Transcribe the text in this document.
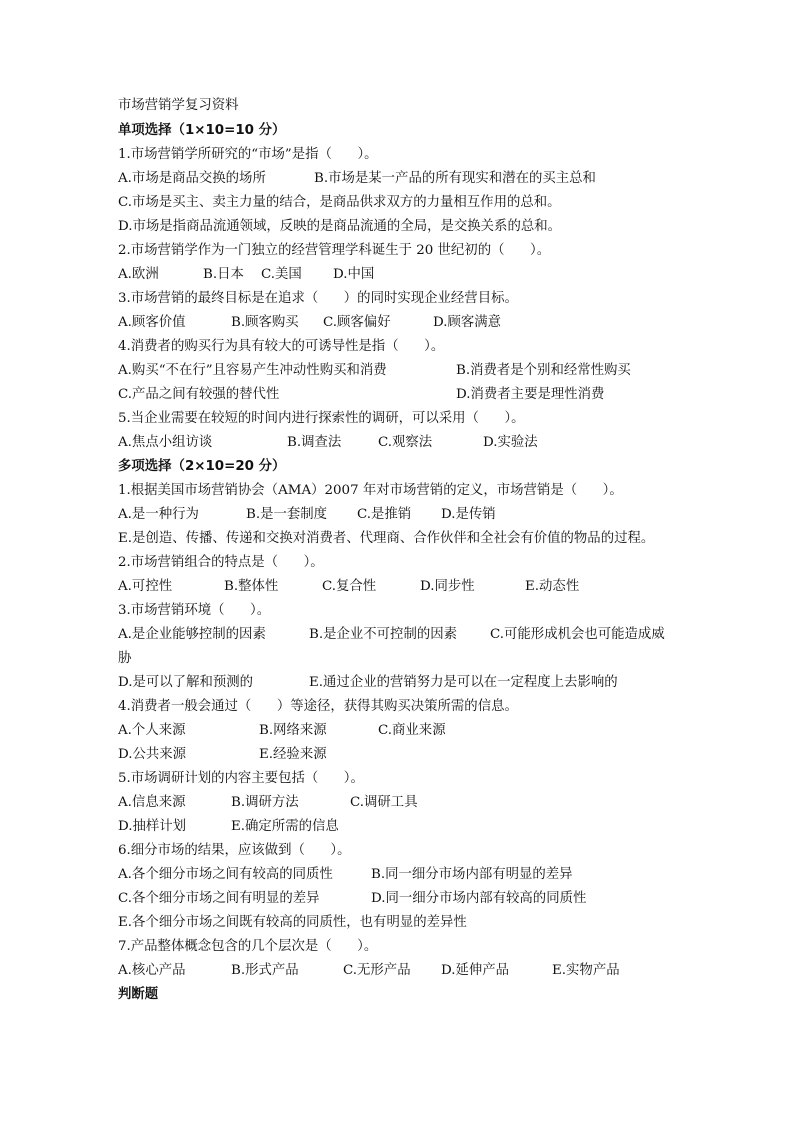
市场营销学复习资料
单项选择（1×10=10 分）
1.市场营销学所研究的“市场”是指（      ）。
A.市场是商品交换的场所	B.市场是某一产品的所有现实和潜在的买主总和
C.市场是买主、卖主力量的结合，是商品供求双方的力量相互作用的总和。
D.市场是指商品流通领域，反映的是商品流通的全局，是交换关系的总和。
2.市场营销学作为一门独立的经营管理学科诞生于 20 世纪初的（      ）。
A.欧洲	B.日本 C.美国 D.中国
3.市场营销的最终目标是在追求（      ）的同时实现企业经营目标。
A.顾客价值	B.顾客购买 C.顾客偏好	D.顾客满意
4.消费者的购买行为具有较大的可诱导性是指（      ）。
A.购买“不在行”且容易产生冲动性购买和消费	B.消费者是个别和经常性购买
C.产品之间有较强的替代性	D.消费者主要是理性消费
5.当企业需要在较短的时间内进行探索性的调研，可以采用（      ）。
A.焦点小组访谈	B.调查法	C.观察法	D.实验法
多项选择（2×10=20 分）
1.根据美国市场营销协会（AMA）2007 年对市场营销的定义，市场营销是（      ）。
A.是一种行为	B.是一套制度 C.是推销 D.是传销
E.是创造、传播、传递和交换对消费者、代理商、合作伙伴和全社会有价值的物品的过程。
2.市场营销组合的特点是（      ）。
A.可控性	B.整体性	C.复合性	D.同步性	E.动态性
3.市场营销环境（      ）。
A.是企业能够控制的因素	B.是企业不可控制的因素 C.可能形成机会也可能造成威
胁
D.是可以了解和预测的	E.通过企业的营销努力是可以在一定程度上去影响的
4.消费者一般会通过（      ）等途径，获得其购买决策所需的信息。
A.个人来源	B.网络来源	C.商业来源
D.公共来源	E.经验来源
5.市场调研计划的内容主要包括（      ）。
A.信息来源	B.调研方法	C.调研工具
D.抽样计划	E.确定所需的信息
6.细分市场的结果，应该做到（      ）。
A.各个细分市场之间有较高的同质性	B.同一细分市场内部有明显的差异
C.各个细分市场之间有明显的差异	D.同一细分市场内部有较高的同质性
E.各个细分市场之间既有较高的同质性，也有明显的差异性
7.产品整体概念包含的几个层次是（      ）。
A.核心产品	B.形式产品	C.无形产品 D.延伸产品	E.实物产品
判断题
